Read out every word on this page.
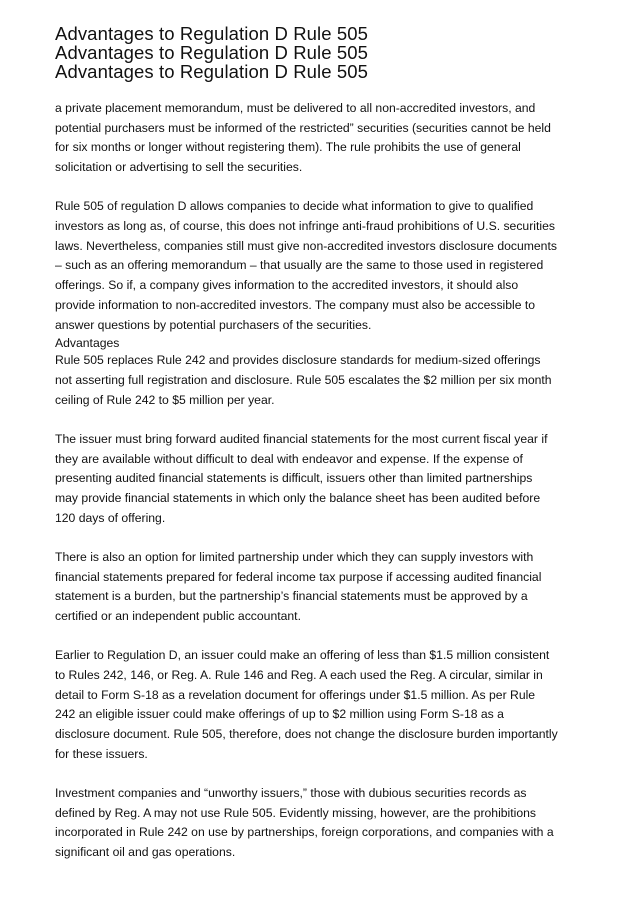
Advantages to Regulation D Rule 505
Advantages to Regulation D Rule 505
Advantages to Regulation D Rule 505

a private placement memorandum, must be delivered to all non-accredited investors, and
potential purchasers must be informed of the restricted” securities (securities cannot be held
for six months or longer without registering them). The rule prohibits the use of general
solicitation or advertising to sell the securities.

Rule 505 of regulation D allows companies to decide what information to give to qualified
investors as long as, of course, this does not infringe anti-fraud prohibitions of U.S. securities
laws. Nevertheless, companies still must give non-accredited investors disclosure documents
– such as an offering memorandum – that usually are the same to those used in registered
offerings. So if, a company gives information to the accredited investors, it should also
provide information to non-accredited investors. The company must also be accessible to
answer questions by potential purchasers of the securities.

Advantages

Rule 505 replaces Rule 242 and provides disclosure standards for medium-sized offerings
not asserting full registration and disclosure. Rule 505 escalates the $2 million per six month
ceiling of Rule 242 to $5 million per year.

The issuer must bring forward audited financial statements for the most current fiscal year if
they are available without difficult to deal with endeavor and expense. If the expense of
presenting audited financial statements is difficult, issuers other than limited partnerships
may provide financial statements in which only the balance sheet has been audited before
120 days of offering.

There is also an option for limited partnership under which they can supply investors with
financial statements prepared for federal income tax purpose if accessing audited financial
statement is a burden, but the partnership’s financial statements must be approved by a
certified or an independent public accountant.

Earlier to Regulation D, an issuer could make an offering of less than $1.5 million consistent
to Rules 242, 146, or Reg. A. Rule 146 and Reg. A each used the Reg. A circular, similar in
detail to Form S-18 as a revelation document for offerings under $1.5 million. As per Rule
242 an eligible issuer could make offerings of up to $2 million using Form S-18 as a
disclosure document. Rule 505, therefore, does not change the disclosure burden importantly
for these issuers.

Investment companies and “unworthy issuers,” those with dubious securities records as
defined by Reg. A may not use Rule 505. Evidently missing, however, are the prohibitions
incorporated in Rule 242 on use by partnerships, foreign corporations, and companies with a
significant oil and gas operations.
